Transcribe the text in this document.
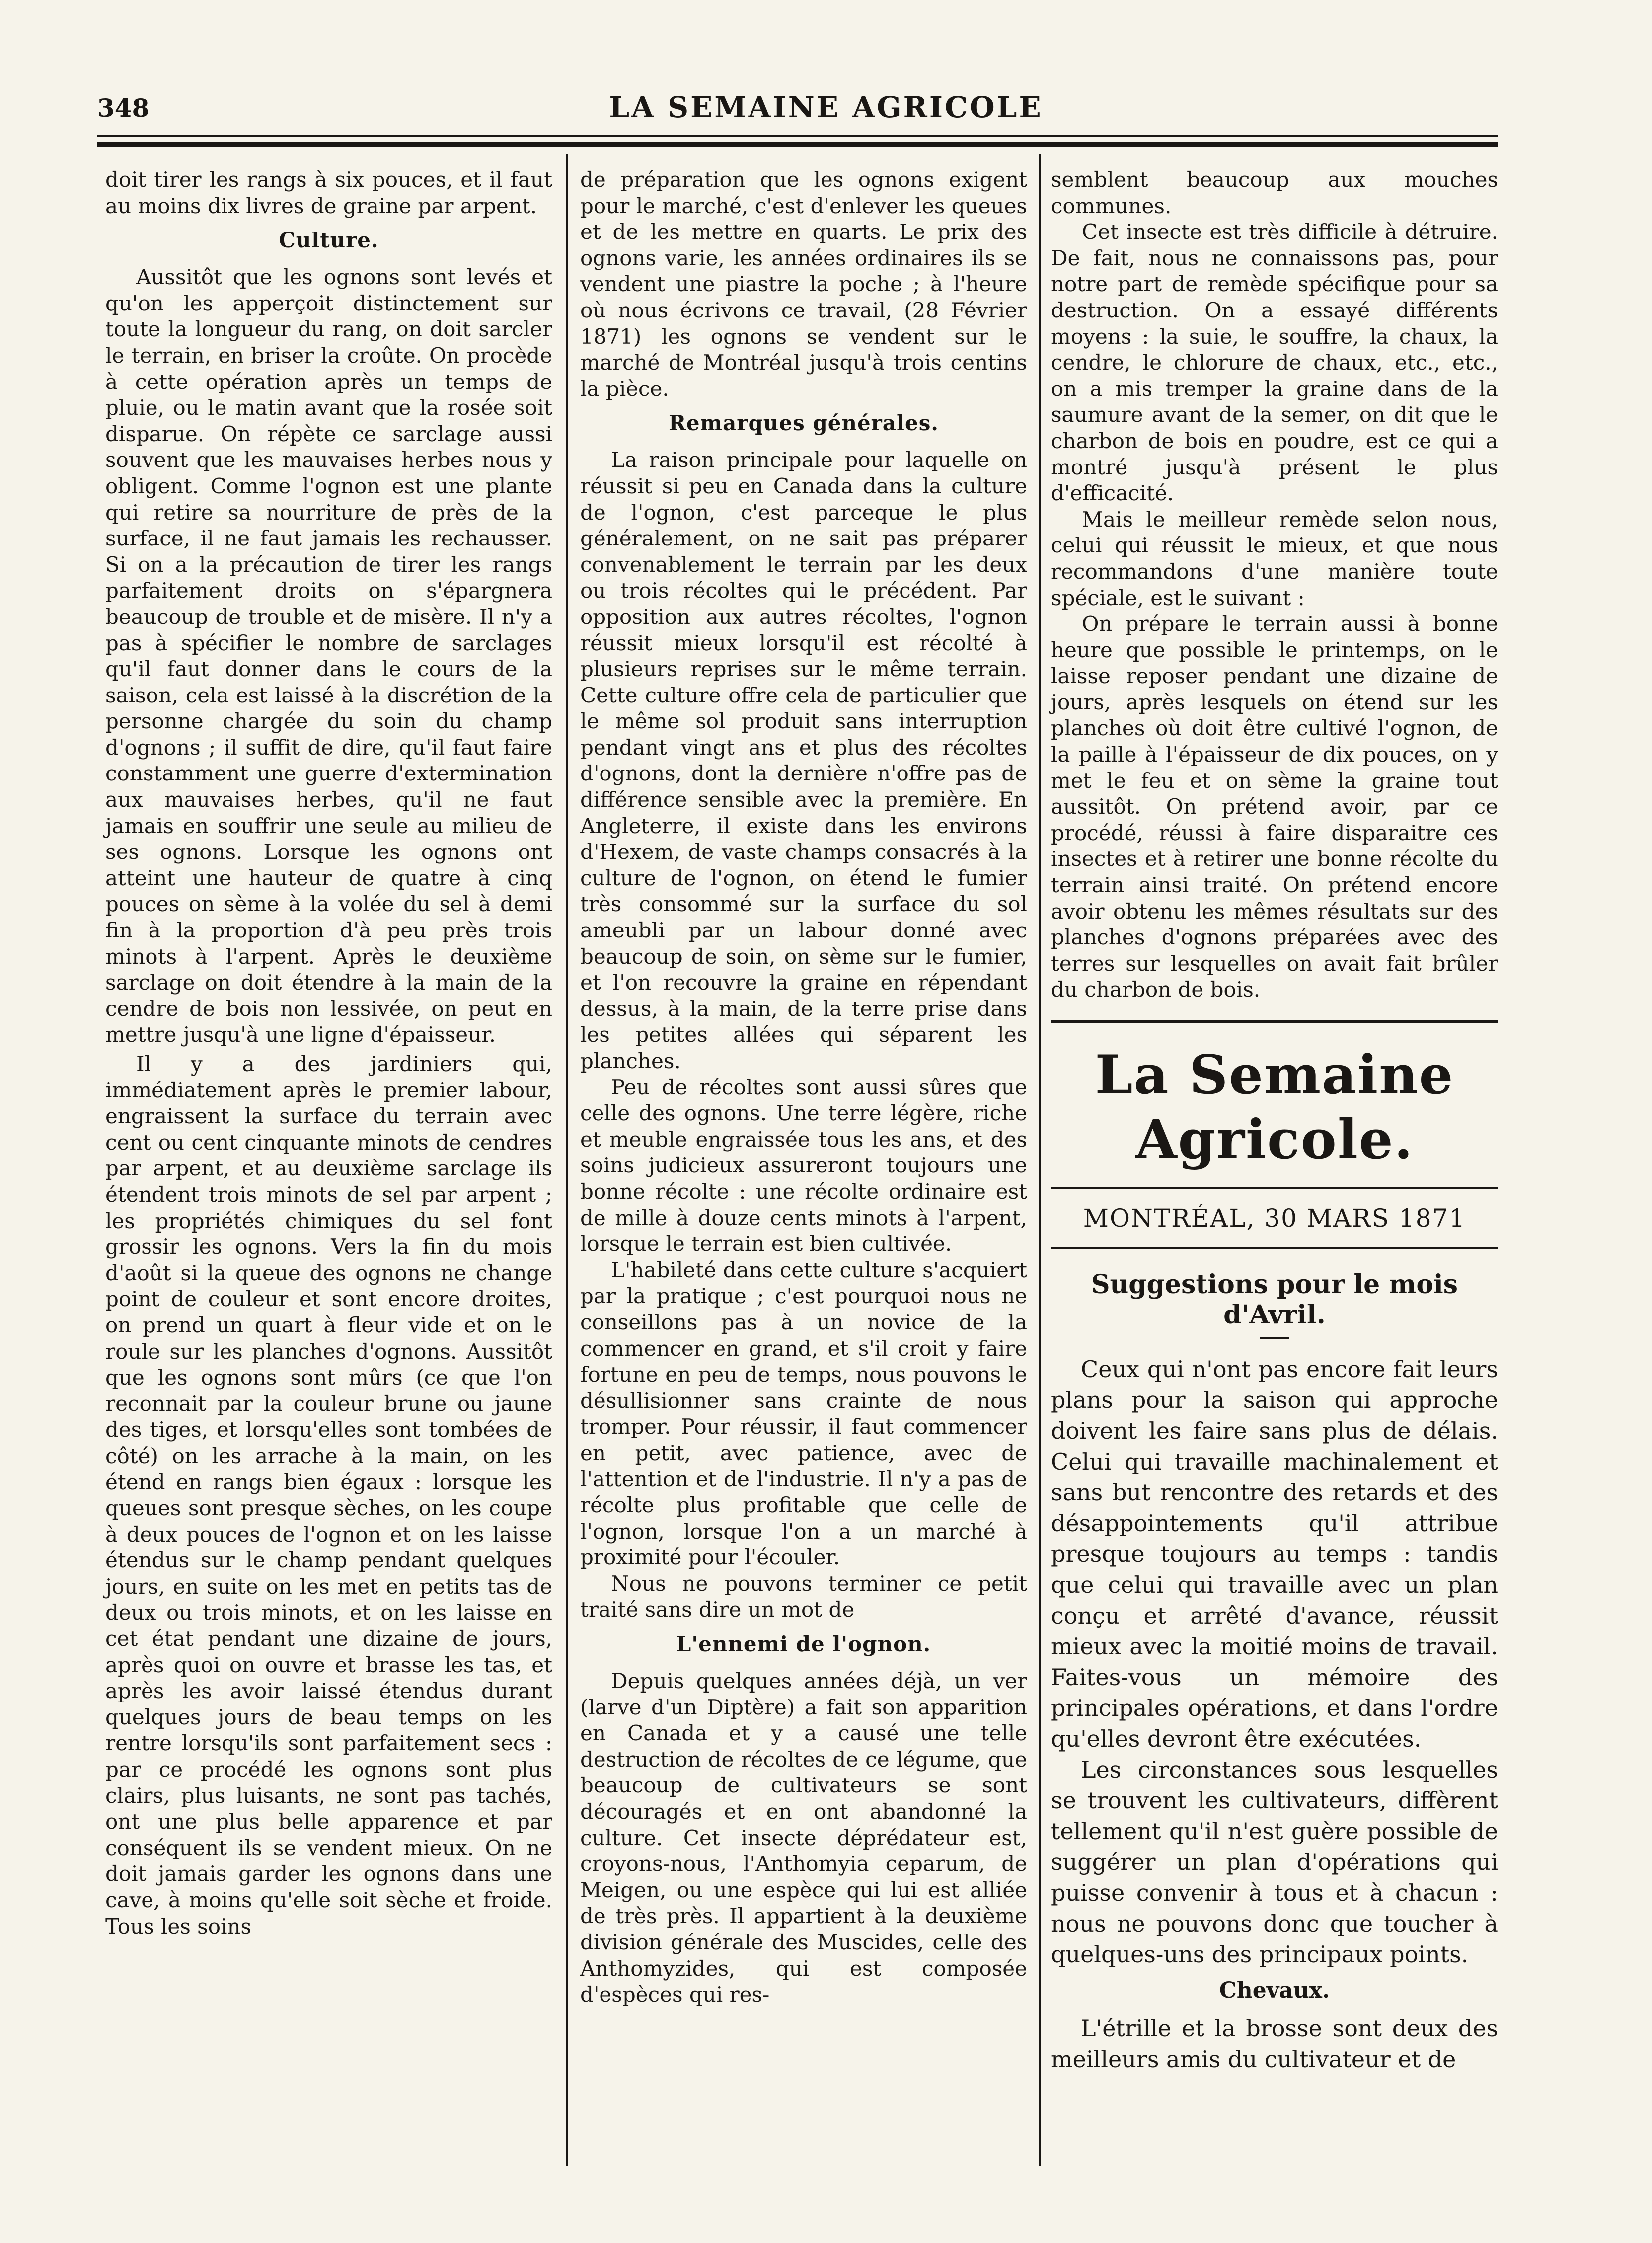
348	LA SEMAINE AGRICOLE

doit tirer les rangs à six pouces, et il faut au moins dix livres de graine par arpent.

Culture.

Aussitôt que les ognons sont levés et qu'on les apperçoit distinctement sur toute la longueur du rang, on doit sarcler le terrain, en briser la croûte. On procède à cette opération après un temps de pluie, ou le matin avant que la rosée soit disparue. On répète ce sarclage aussi souvent que les mauvaises herbes nous y obligent. Comme l'ognon est une plante qui retire sa nourriture de près de la surface, il ne faut jamais les rechausser. Si on a la précaution de tirer les rangs parfaitement droits on s'épargnera beaucoup de trouble et de misère. Il n'y a pas à spécifier le nombre de sarclages qu'il faut donner dans le cours de la saison, cela est laissé à la discrétion de la personne chargée du soin du champ d'ognons ; il suffit de dire, qu'il faut faire constamment une guerre d'extermination aux mauvaises herbes, qu'il ne faut jamais en souffrir une seule au milieu de ses ognons. Lorsque les ognons ont atteint une hauteur de quatre à cinq pouces on sème à la volée du sel à demi fin à la proportion d'à peu près trois minots à l'arpent. Après le deuxième sarclage on doit étendre à la main de la cendre de bois non lessivée, on peut en mettre jusqu'à une ligne d'épaisseur.

Il y a des jardiniers qui, immédiatement après le premier labour, engraissent la surface du terrain avec cent ou cent cinquante minots de cendres par arpent, et au deuxième sarclage ils étendent trois minots de sel par arpent ; les propriétés chimiques du sel font grossir les ognons. Vers la fin du mois d'août si la queue des ognons ne change point de couleur et sont encore droites, on prend un quart à fleur vide et on le roule sur les planches d'ognons. Aussitôt que les ognons sont mûrs (ce que l'on reconnait par la couleur brune ou jaune des tiges, et lorsqu'elles sont tombées de côté) on les arrache à la main, on les étend en rangs bien égaux : lorsque les queues sont presque sèches, on les coupe à deux pouces de l'ognon et on les laisse étendus sur le champ pendant quelques jours, en suite on les met en petits tas de deux ou trois minots, et on les laisse en cet état pendant une dizaine de jours, après quoi on ouvre et brasse les tas, et après les avoir laissé étendus durant quelques jours de beau temps on les rentre lorsqu'ils sont parfaitement secs : par ce procédé les ognons sont plus clairs, plus luisants, ne sont pas tachés, ont une plus belle apparence et par conséquent ils se vendent mieux. On ne doit jamais garder les ognons dans une cave, à moins qu'elle soit sèche et froide. Tous les soins

de préparation que les ognons exigent pour le marché, c'est d'enlever les queues et de les mettre en quarts. Le prix des ognons varie, les années ordinaires ils se vendent une piastre la poche ; à l'heure où nous écrivons ce travail, (28 Février 1871) les ognons se vendent sur le marché de Montréal jusqu'à trois centins la pièce.

Remarques générales.

La raison principale pour laquelle on réussit si peu en Canada dans la culture de l'ognon, c'est parceque le plus généralement, on ne sait pas préparer convenablement le terrain par les deux ou trois récoltes qui le précédent. Par opposition aux autres récoltes, l'ognon réussit mieux lorsqu'il est récolté à plusieurs reprises sur le même terrain. Cette culture offre cela de particulier que le même sol produit sans interruption pendant vingt ans et plus des récoltes d'ognons, dont la dernière n'offre pas de différence sensible avec la première. En Angleterre, il existe dans les environs d'Hexem, de vaste champs consacrés à la culture de l'ognon, on étend le fumier très consommé sur la surface du sol ameubli par un labour donné avec beaucoup de soin, on sème sur le fumier, et l'on recouvre la graine en répendant dessus, à la main, de la terre prise dans les petites allées qui séparent les planches.

Peu de récoltes sont aussi sûres que celle des ognons. Une terre légère, riche et meuble engraissée tous les ans, et des soins judicieux assureront toujours une bonne récolte : une récolte ordinaire est de mille à douze cents minots à l'arpent, lorsque le terrain est bien cultivée.

L'habileté dans cette culture s'acquiert par la pratique ; c'est pourquoi nous ne conseillons pas à un novice de la commencer en grand, et s'il croit y faire fortune en peu de temps, nous pouvons le désullisionner sans crainte de nous tromper. Pour réussir, il faut commencer en petit, avec patience, avec de l'attention et de l'industrie. Il n'y a pas de récolte plus profitable que celle de l'ognon, lorsque l'on a un marché à proximité pour l'écouler.

Nous ne pouvons terminer ce petit traité sans dire un mot de

L'ennemi de l'ognon.

Depuis quelques années déjà, un ver (larve d'un Diptère) a fait son apparition en Canada et y a causé une telle destruction de récoltes de ce légume, que beaucoup de cultivateurs se sont découragés et en ont abandonné la culture. Cet insecte déprédateur est, croyons-nous, l'Anthomyia ceparum, de Meigen, ou une espèce qui lui est alliée de très près. Il appartient à la deuxième division générale des Muscides, celle des Anthomyzides, qui est composée d'espèces qui res-

semblent beaucoup aux mouches communes.

Cet insecte est très difficile à détruire. De fait, nous ne connaissons pas, pour notre part de remède spécifique pour sa destruction. On a essayé différents moyens : la suie, le souffre, la chaux, la cendre, le chlorure de chaux, etc., etc., on a mis tremper la graine dans de la saumure avant de la semer, on dit que le charbon de bois en poudre, est ce qui a montré jusqu'à présent le plus d'efficacité.

Mais le meilleur remède selon nous, celui qui réussit le mieux, et que nous recommandons d'une manière toute spéciale, est le suivant :

On prépare le terrain aussi à bonne heure que possible le printemps, on le laisse reposer pendant une dizaine de jours, après lesquels on étend sur les planches où doit être cultivé l'ognon, de la paille à l'épaisseur de dix pouces, on y met le feu et on sème la graine tout aussitôt. On prétend avoir, par ce procédé, réussi à faire disparaitre ces insectes et à retirer une bonne récolte du terrain ainsi traité. On prétend encore avoir obtenu les mêmes résultats sur des planches d'ognons préparées avec des terres sur lesquelles on avait fait brûler du charbon de bois.

La Semaine Agricole.
MONTRÉAL, 30 MARS 1871
Suggestions pour le mois d'Avril.

Ceux qui n'ont pas encore fait leurs plans pour la saison qui approche doivent les faire sans plus de délais. Celui qui travaille machinalement et sans but rencontre des retards et des désappointements qu'il attribue presque toujours au temps : tandis que celui qui travaille avec un plan conçu et arrêté d'avance, réussit mieux avec la moitié moins de travail. Faites-vous un mémoire des principales opérations, et dans l'ordre qu'elles devront être exécutées.

Les circonstances sous lesquelles se trouvent les cultivateurs, diffèrent tellement qu'il n'est guère possible de suggérer un plan d'opérations qui puisse convenir à tous et à chacun : nous ne pouvons donc que toucher à quelques-uns des principaux points.

Chevaux.

L'étrille et la brosse sont deux des meilleurs amis du cultivateur et de
